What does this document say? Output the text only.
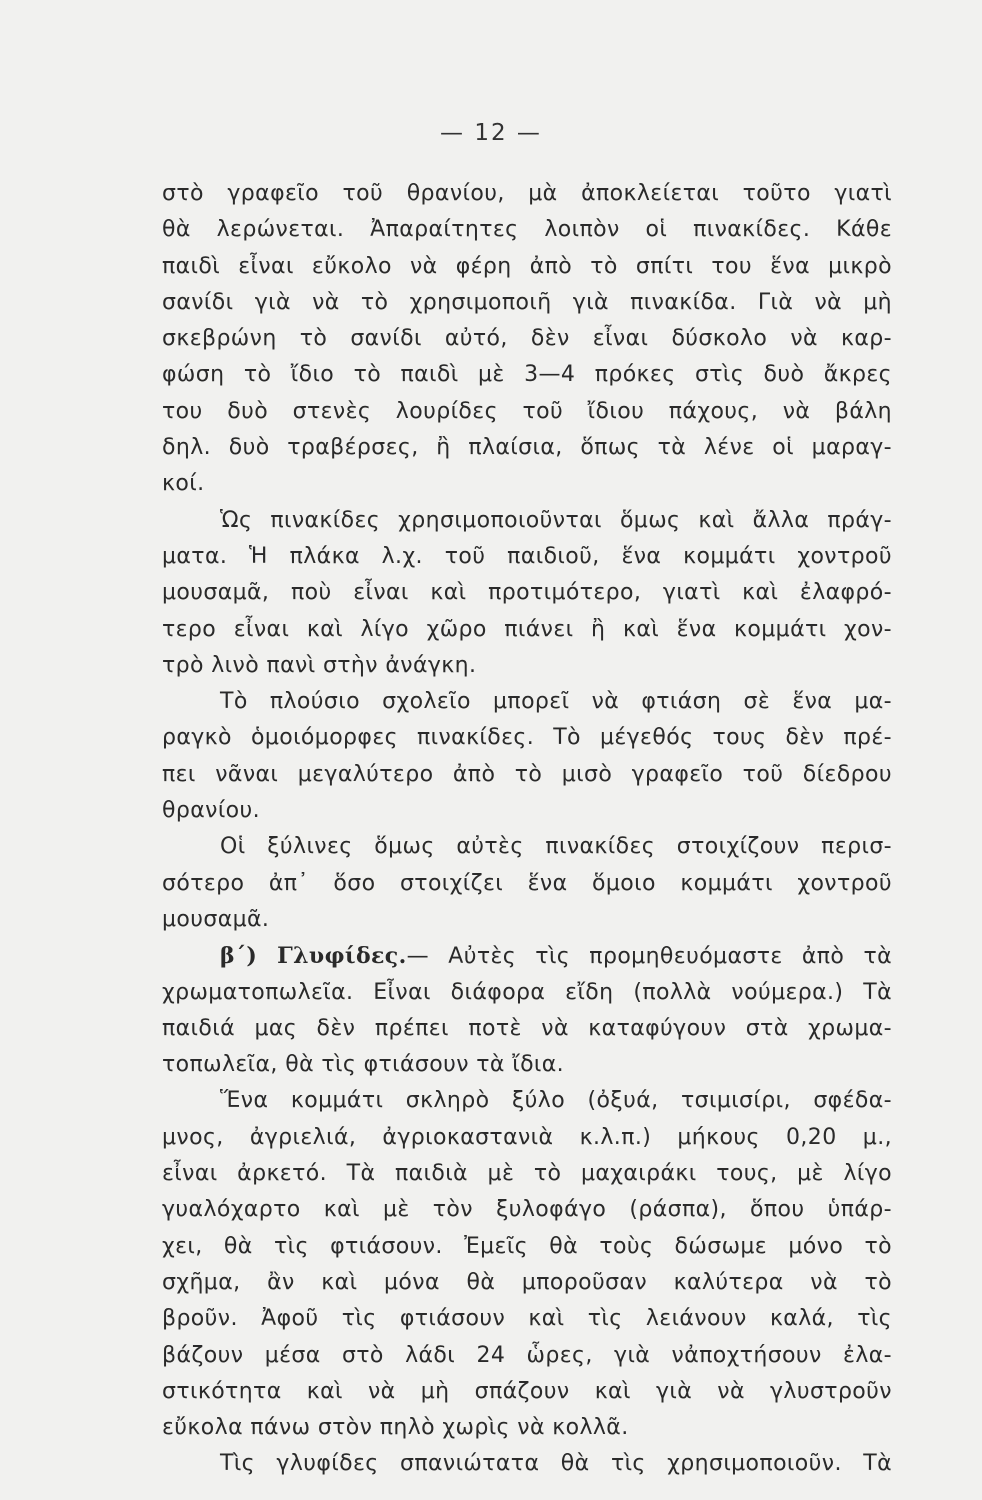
— 12 —
στὸ γραφεῖο τοῦ θρανίου, μὰ ἀποκλείεται τοῦτο γιατὶ
θὰ λερώνεται. Ἀπαραίτητες λοιπὸν οἱ πινακίδες. Κάθε
παιδὶ εἶναι εὔκολο νὰ φέρη ἀπὸ τὸ σπίτι του ἕνα μικρὸ
σανίδι γιὰ νὰ τὸ χρησιμοποιῆ γιὰ πινακίδα. Γιὰ νὰ μὴ
σκεβρώνη τὸ σανίδι αὐτό, δὲν εἶναι δύσκολο νὰ καρ-
φώση τὸ ἴδιο τὸ παιδὶ μὲ 3—4 πρόκες στὶς δυὸ ἄκρες
του δυὸ στενὲς λουρίδες τοῦ ἴδιου πάχους, νὰ βάλη
δηλ. δυὸ τραβέρσες, ἢ πλαίσια, ὅπως τὰ λένε οἱ μαραγ-
κοί.
Ὡς πινακίδες χρησιμοποιοῦνται ὅμως καὶ ἄλλα πράγ-
ματα. Ἡ πλάκα λ.χ. τοῦ παιδιοῦ, ἕνα κομμάτι χοντροῦ
μουσαμᾶ, ποὺ εἶναι καὶ προτιμότερο, γιατὶ καὶ ἐλαφρό-
τερο εἶναι καὶ λίγο χῶρο πιάνει ἢ καὶ ἕνα κομμάτι χον-
τρὸ λινὸ πανὶ στὴν ἀνάγκη.
Τὸ πλούσιο σχολεῖο μπορεῖ νὰ φτιάση σὲ ἕνα μα-
ραγκὸ ὁμοιόμορφες πινακίδες. Τὸ μέγεθός τους δὲν πρέ-
πει νᾶναι μεγαλύτερο ἀπὸ τὸ μισὸ γραφεῖο τοῦ δίεδρου
θρανίου.
Οἱ ξύλινες ὅμως αὐτὲς πινακίδες στοιχίζουν περισ-
σότερο ἀπ᾽ ὅσο στοιχίζει ἕνα ὅμοιο κομμάτι χοντροῦ
μουσαμᾶ.
β΄) Γλυφίδες.— Αὐτὲς τὶς προμηθευόμαστε ἀπὸ τὰ
χρωματοπωλεῖα. Εἶναι διάφορα εἴδη (πολλὰ νούμερα.) Τὰ
παιδιά μας δὲν πρέπει ποτὲ νὰ καταφύγουν στὰ χρωμα-
τοπωλεῖα, θὰ τὶς φτιάσουν τὰ ἴδια.
Ἕνα κομμάτι σκληρὸ ξύλο (ὀξυά, τσιμισίρι, σφέδα-
μνος, ἀγριελιά, ἀγριοκαστανιὰ κ.λ.π.) μήκους 0,20 μ.,
εἶναι ἀρκετό. Τὰ παιδιὰ μὲ τὸ μαχαιράκι τους, μὲ λίγο
γυαλόχαρτο καὶ μὲ τὸν ξυλοφάγο (ράσπα), ὅπου ὑπάρ-
χει, θὰ τὶς φτιάσουν. Ἐμεῖς θὰ τοὺς δώσωμε μόνο τὸ
σχῆμα, ἂν καὶ μόνα θὰ μποροῦσαν καλύτερα νὰ τὸ
βροῦν. Ἀφοῦ τὶς φτιάσουν καὶ τὶς λειάνουν καλά, τὶς
βάζουν μέσα στὸ λάδι 24 ὧρες, γιὰ νἀποχτήσουν ἐλα-
στικότητα καὶ νὰ μὴ σπάζουν καὶ γιὰ νὰ γλυστροῦν
εὔκολα πάνω στὸν πηλὸ χωρὶς νὰ κολλᾶ.
Τὶς γλυφίδες σπανιώτατα θὰ τὶς χρησιμοποιοῦν. Τὰ
